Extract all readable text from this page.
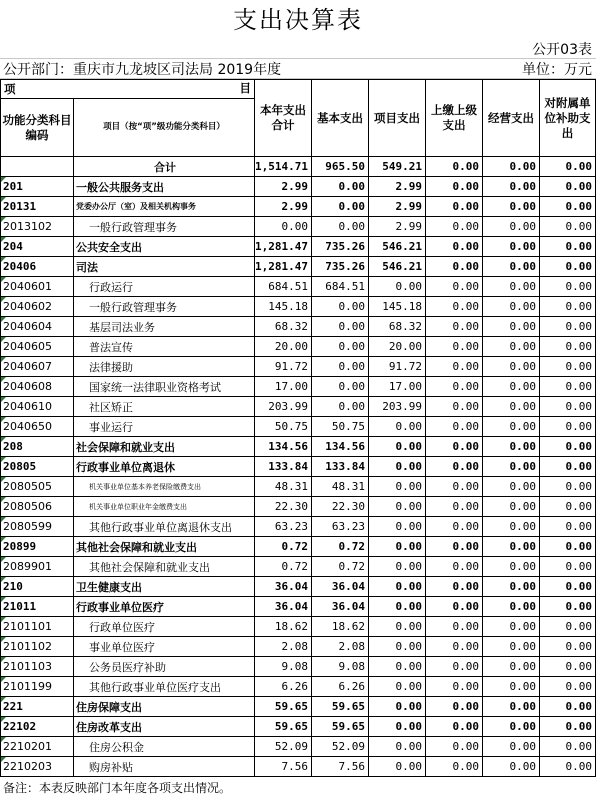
支出决算表
公开03表
公开部门：重庆市九龙坡区司法局 2019年度	单位：万元
项 目		本年支出合计	基本支出	项目支出	上缴上级支出	经营支出	对附属单位补助支出
功能分类科目编码	项目（按“项”级功能分类科目）						
	合计	1,514.71	965.50	549.21	0.00	0.00	0.00
201	一般公共服务支出	2.99	0.00	2.99	0.00	0.00	0.00
20131	党委办公厅（室）及相关机构事务	2.99	0.00	2.99	0.00	0.00	0.00
2013102	一般行政管理事务	0.00	0.00	2.99	0.00	0.00	0.00
204	公共安全支出	1,281.47	735.26	546.21	0.00	0.00	0.00
20406	司法	1,281.47	735.26	546.21	0.00	0.00	0.00
2040601	行政运行	684.51	684.51	0.00	0.00	0.00	0.00
2040602	一般行政管理事务	145.18	0.00	145.18	0.00	0.00	0.00
2040604	基层司法业务	68.32	0.00	68.32	0.00	0.00	0.00
2040605	普法宣传	20.00	0.00	20.00	0.00	0.00	0.00
2040607	法律援助	91.72	0.00	91.72	0.00	0.00	0.00
2040608	国家统一法律职业资格考试	17.00	0.00	17.00	0.00	0.00	0.00
2040610	社区矫正	203.99	0.00	203.99	0.00	0.00	0.00
2040650	事业运行	50.75	50.75	0.00	0.00	0.00	0.00
208	社会保障和就业支出	134.56	134.56	0.00	0.00	0.00	0.00
20805	行政事业单位离退休	133.84	133.84	0.00	0.00	0.00	0.00
2080505	机关事业单位基本养老保险缴费支出	48.31	48.31	0.00	0.00	0.00	0.00
2080506	机关事业单位职业年金缴费支出	22.30	22.30	0.00	0.00	0.00	0.00
2080599	其他行政事业单位离退休支出	63.23	63.23	0.00	0.00	0.00	0.00
20899	其他社会保障和就业支出	0.72	0.72	0.00	0.00	0.00	0.00
2089901	其他社会保障和就业支出	0.72	0.72	0.00	0.00	0.00	0.00
210	卫生健康支出	36.04	36.04	0.00	0.00	0.00	0.00
21011	行政事业单位医疗	36.04	36.04	0.00	0.00	0.00	0.00
2101101	行政单位医疗	18.62	18.62	0.00	0.00	0.00	0.00
2101102	事业单位医疗	2.08	2.08	0.00	0.00	0.00	0.00
2101103	公务员医疗补助	9.08	9.08	0.00	0.00	0.00	0.00
2101199	其他行政事业单位医疗支出	6.26	6.26	0.00	0.00	0.00	0.00
221	住房保障支出	59.65	59.65	0.00	0.00	0.00	0.00
22102	住房改革支出	59.65	59.65	0.00	0.00	0.00	0.00
2210201	住房公积金	52.09	52.09	0.00	0.00	0.00	0.00
2210203	购房补贴	7.56	7.56	0.00	0.00	0.00	0.00
备注：本表反映部门本年度各项支出情况。
